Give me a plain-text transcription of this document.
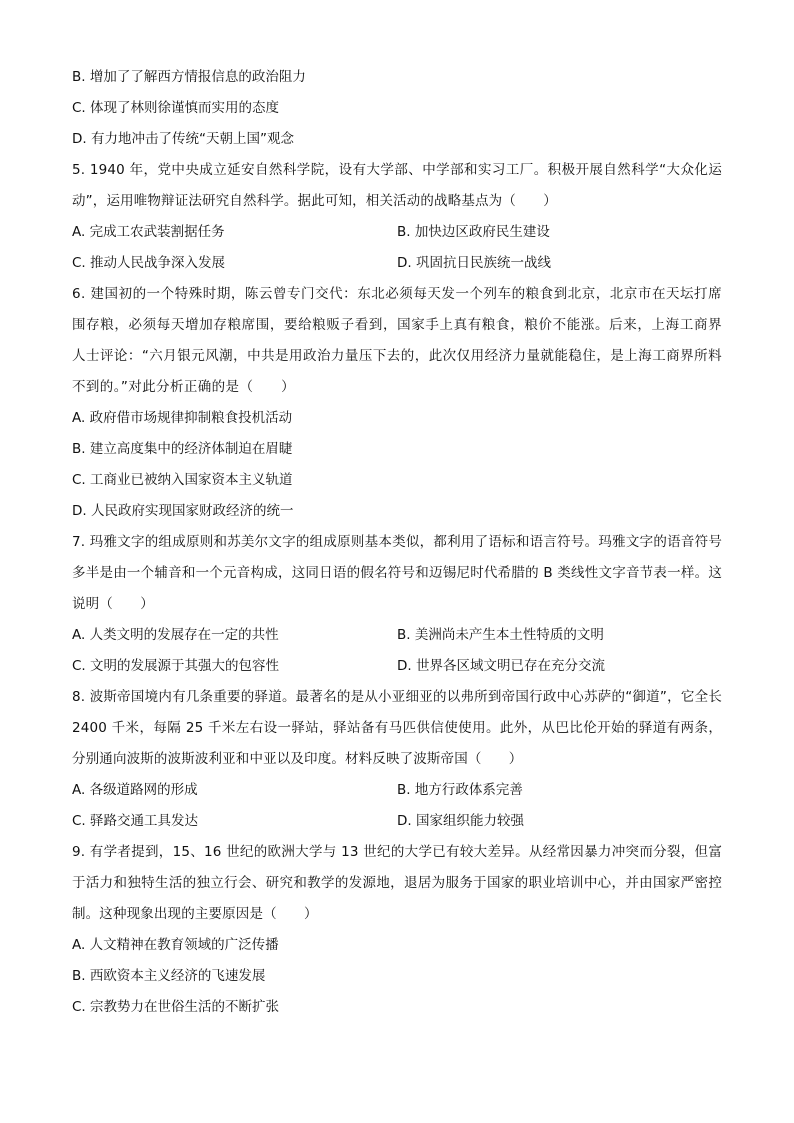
B. 增加了了解西方情报信息的政治阻力
C. 体现了林则徐谨慎而实用的态度
D. 有力地冲击了传统“天朝上国”观念
5. 1940 年，党中央成立延安自然科学院，设有大学部、中学部和实习工厂。积极开展自然科学“大众化运动”，运用唯物辩证法研究自然科学。据此可知，相关活动的战略基点为（　　）
A. 完成工农武装割据任务	B. 加快边区政府民生建设
C. 推动人民战争深入发展	D. 巩固抗日民族统一战线
6. 建国初的一个特殊时期，陈云曾专门交代：东北必须每天发一个列车的粮食到北京，北京市在天坛打席围存粮，必须每天增加存粮席围，要给粮贩子看到，国家手上真有粮食，粮价不能涨。后来，上海工商界人士评论：“六月银元风潮，中共是用政治力量压下去的，此次仅用经济力量就能稳住，是上海工商界所料不到的。”对此分析正确的是（　　）
A. 政府借市场规律抑制粮食投机活动
B. 建立高度集中的经济体制迫在眉睫
C. 工商业已被纳入国家资本主义轨道
D. 人民政府实现国家财政经济的统一
7. 玛雅文字的组成原则和苏美尔文字的组成原则基本类似，都利用了语标和语言符号。玛雅文字的语音符号多半是由一个辅音和一个元音构成，这同日语的假名符号和迈锡尼时代希腊的 B 类线性文字音节表一样。这说明（　　）
A. 人类文明的发展存在一定的共性	B. 美洲尚未产生本土性特质的文明
C. 文明的发展源于其强大的包容性	D. 世界各区域文明已存在充分交流
8. 波斯帝国境内有几条重要的驿道。最著名的是从小亚细亚的以弗所到帝国行政中心苏萨的“御道”，它全长 2400 千米，每隔 25 千米左右设一驿站，驿站备有马匹供信使使用。此外，从巴比伦开始的驿道有两条，分别通向波斯的波斯波利亚和中亚以及印度。材料反映了波斯帝国（　　）
A. 各级道路网的形成	B. 地方行政体系完善
C. 驿路交通工具发达	D. 国家组织能力较强
9. 有学者提到，15、16 世纪的欧洲大学与 13 世纪的大学已有较大差异。从经常因暴力冲突而分裂，但富于活力和独特生活的独立行会、研究和教学的发源地，退居为服务于国家的职业培训中心，并由国家严密控制。这种现象出现的主要原因是（　　）
A. 人文精神在教育领域的广泛传播
B. 西欧资本主义经济的飞速发展
C. 宗教势力在世俗生活的不断扩张
